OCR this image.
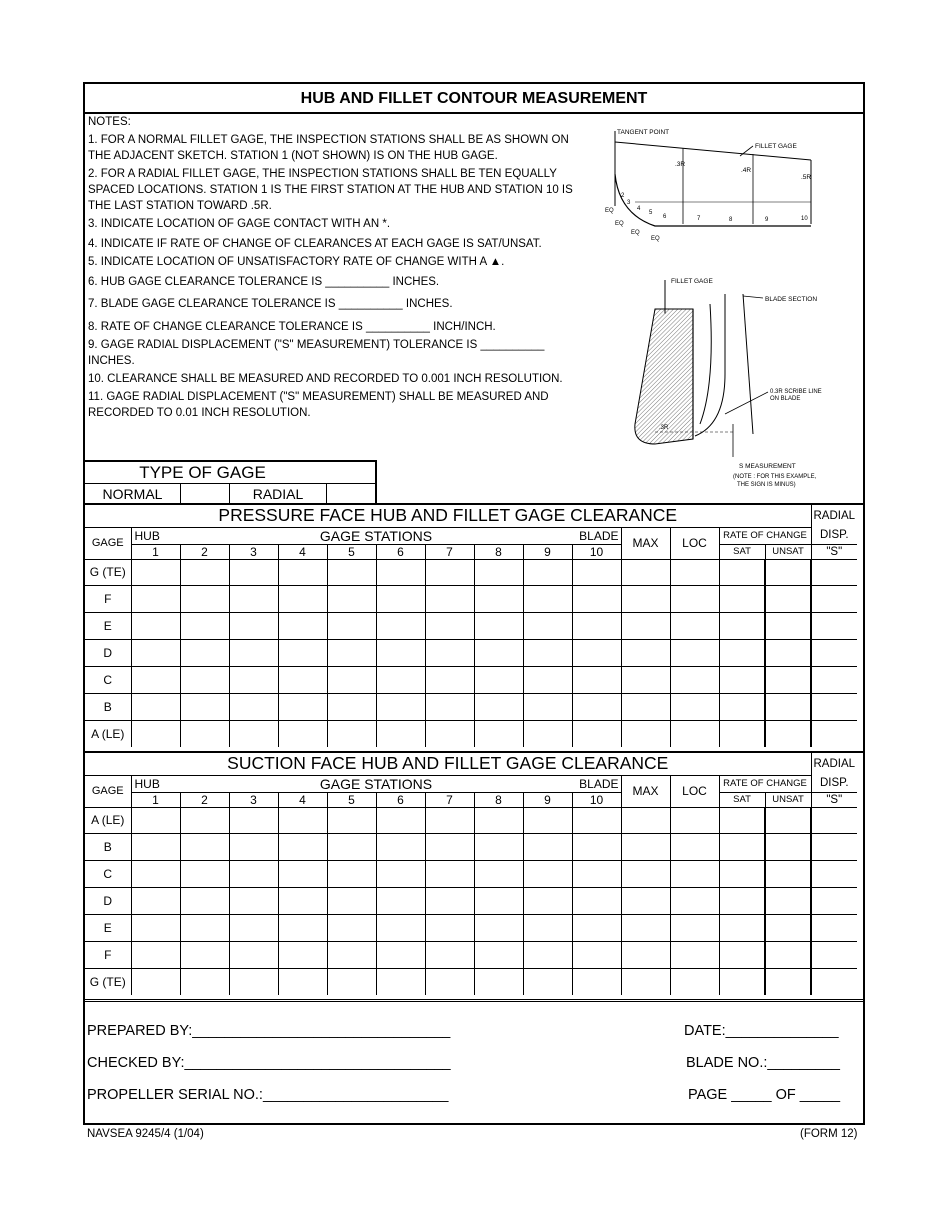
HUB AND FILLET CONTOUR MEASUREMENT

NOTES:

1. FOR A NORMAL FILLET GAGE, THE INSPECTION STATIONS SHALL BE AS SHOWN ON THE ADJACENT SKETCH. STATION 1 (NOT SHOWN) IS ON THE HUB GAGE.

2. FOR A RADIAL FILLET GAGE, THE INSPECTION STATIONS SHALL BE TEN EQUALLY SPACED LOCATIONS. STATION 1 IS THE FIRST STATION AT THE HUB AND STATION 10 IS THE LAST STATION TOWARD .5R.

3. INDICATE LOCATION OF GAGE CONTACT WITH AN *.

4. INDICATE IF RATE OF CHANGE OF CLEARANCES AT EACH GAGE IS SAT/UNSAT.

5. INDICATE LOCATION OF UNSATISFACTORY RATE OF CHANGE WITH A ▲.

6. HUB GAGE CLEARANCE TOLERANCE IS __________ INCHES.

7. BLADE GAGE CLEARANCE TOLERANCE IS __________ INCHES.

8. RATE OF CHANGE CLEARANCE TOLERANCE IS __________ INCH/INCH.

9. GAGE RADIAL DISPLACEMENT ("S" MEASUREMENT) TOLERANCE IS __________ INCHES.

10. CLEARANCE SHALL BE MEASURED AND RECORDED TO 0.001 INCH RESOLUTION.

11. GAGE RADIAL DISPLACEMENT ("S" MEASUREMENT) SHALL BE MEASURED AND RECORDED TO 0.01 INCH RESOLUTION.

TANGENT POINT
.3R
.4R
.5R
FILLET GAGE
2
3
4
5
6	7	8	9	10
EQ
EQ
EQ
EQ
FILLET GAGE
BLADE SECTION
0.3R SCRIBE LINE
ON BLADE
.3R
S MEASUREMENT
(NOTE : FOR THIS EXAMPLE,
THE SIGN IS MINUS)
TYPE OF GAGE
NORMAL	RADIAL
PRESSURE FACE HUB AND FILLET GAGE CLEARANCE															RADIAL
GAGE	HUB	GAGE STATIONS								BLADE	MAX	LOC	RATE OF CHANGE		DISP.
	1	2	3	4	5	6	7	8	9	10			SAT	UNSAT	"S"
G (TE)															
F															
E															
D															
C															
B															
A (LE)															
SUCTION FACE HUB AND FILLET GAGE CLEARANCE															RADIAL
GAGE	HUB	GAGE STATIONS								BLADE	MAX	LOC	RATE OF CHANGE		DISP.
	1	2	3	4	5	6	7	8	9	10			SAT	UNSAT	"S"
A (LE)															
B															
C															
D															
E															
F															
G (TE)															
PREPARED BY:________________________________
CHECKED BY:_________________________________
PROPELLER SERIAL NO.:_______________________
DATE:______________
BLADE NO.:_________
PAGE _____ OF _____
NAVSEA 9245/4 (1/04)	(FORM 12)
